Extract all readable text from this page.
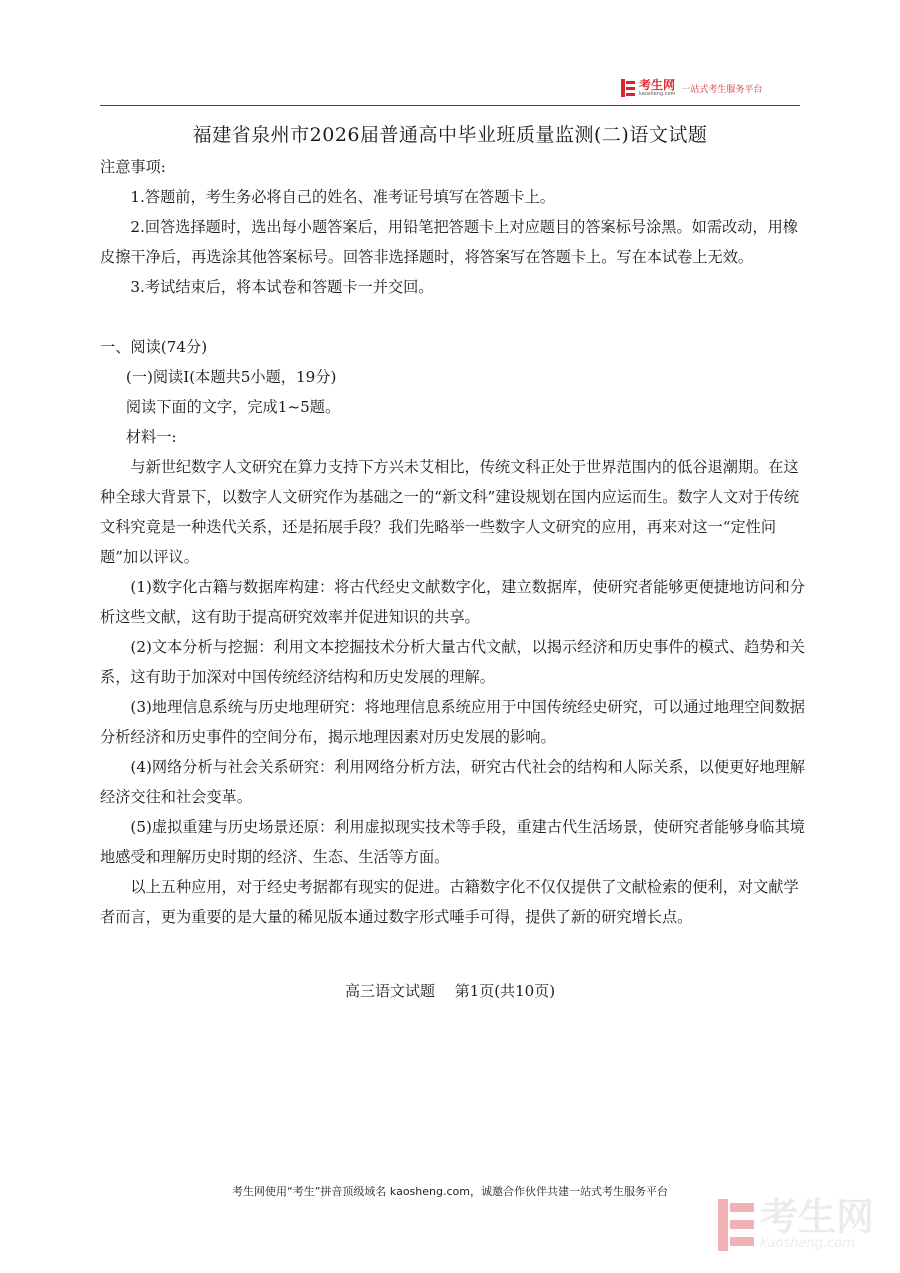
考生网
kaosheng.com 一站式考生服务平台
福建省泉州市2026届普通高中毕业班质量监测(二)语文试题

注意事项:

1.答题前，考生务必将自己的姓名、准考证号填写在答题卡上。

2.回答选择题时，选出每小题答案后，用铅笔把答题卡上对应题目的答案标号涂黑。如需改动，用橡皮擦干净后，再选涂其他答案标号。回答非选择题时，将答案写在答题卡上。写在本试卷上无效。

3.考试结束后，将本试卷和答题卡一并交回。

一、阅读(74分)

(一)阅读Ⅰ(本题共5小题，19分)

阅读下面的文字，完成1~5题。

材料一:

与新世纪数字人文研究在算力支持下方兴未艾相比，传统文科正处于世界范围内的低谷退潮期。在这种全球大背景下，以数字人文研究作为基础之一的“新文科”建设规划在国内应运而生。数字人文对于传统文科究竟是一种迭代关系，还是拓展手段？我们先略举一些数字人文研究的应用，再来对这一“定性问题”加以评议。

(1)数字化古籍与数据库构建：将古代经史文献数字化，建立数据库，使研究者能够更便捷地访问和分析这些文献，这有助于提高研究效率并促进知识的共享。

(2)文本分析与挖掘：利用文本挖掘技术分析大量古代文献，以揭示经济和历史事件的模式、趋势和关系，这有助于加深对中国传统经济结构和历史发展的理解。

(3)地理信息系统与历史地理研究：将地理信息系统应用于中国传统经史研究，可以通过地理空间数据分析经济和历史事件的空间分布，揭示地理因素对历史发展的影响。

(4)网络分析与社会关系研究：利用网络分析方法，研究古代社会的结构和人际关系，以便更好地理解经济交往和社会变革。

(5)虚拟重建与历史场景还原：利用虚拟现实技术等手段，重建古代生活场景，使研究者能够身临其境地感受和理解历史时期的经济、生态、生活等方面。

以上五种应用，对于经史考据都有现实的促进。古籍数字化不仅仅提供了文献检索的便利，对文献学者而言，更为重要的是大量的稀见版本通过数字形式唾手可得，提供了新的研究增长点。

高三语文试题　 第1页(共10页)
考生网使用“考生”拼音顶级域名 kaosheng.com，诚邀合作伙伴共建一站式考生服务平台
考生网
kaosheng.com
